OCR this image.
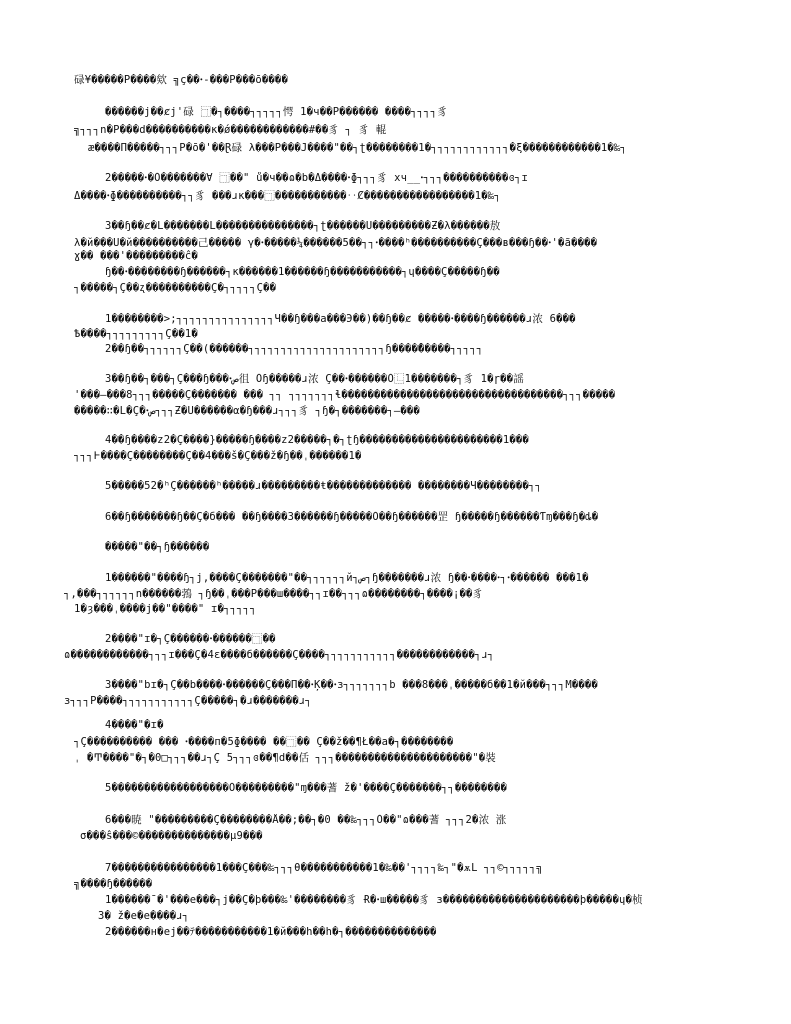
碌¥�����P����欸 ╗ç��ꞏ-���P���ō����
������j��ȼj'碌 ⿹�┐����┐┐┐┐┐愕 1�ч��Ρ������ ����┐┐┐┐豸
╗┐┐┐n�Ρ���d����������κ�ǿ������������#��豸 ┐ 豸 輥
æ����Π�����┐┐┐Ρ�ō�'��Ɽ碌 λ���Ρ���J����"��┐ʈ��������1�┐┐┐┐┐┐┐┐┐┐┐┐�ξ������������1�‰┐
2�����ꞏ�Ŏ�������Ɐ ⿹��" ů�ч��ɷ�b�Δ����ꞏɸ┐┐┐豸 xч__ꞏ┐┐┐����������ɞ┐ɪ
Δ����ꞏɸ����������┐┐豸 ���ɹĸ���⿹�����������‥Ȼ�����������������1�‰┐
3��ɧ��ȼ�L�������L���������������┐ʈ������Ս���������Ƶ�λ������敖
λ�й���Ս�й����������己����� γ�ꞏ�����¼������5��┐┐ꞏ����ʰ����������Ç���ʙ���ɧ��ꞏ'�ã����
ɣ�� ���'���������ĉ�
ɧ��ꞏ��������ɧ������┐ĸ������1������ɧ�����������┐ɥ����Ç�����ɧ��
┐�����┐Ç��ʐ����������Ç�┐┐┐┐┐Ç��
1��������>;┐┐┐┐┐┐┐┐┐┐┐┐┐┐┐Ч��ɧ���a���Э��)��ɧ��ȼ �����ꞏ����ɧ������ɹ浓 6���
Ѣ����┐┐┐┐┐┐┐┐┐Ç��1�
2��ɧ��┐┐┐┐┐┐Ç��(������┐┐┐┐┐┐┐┐┐┐┐┐┐┐┐┐┐┐┐┐┐ɧ����̊�����┐┐┐┐┐
3��ɧ��┐���┐Ç���ɧ���ꞏص徂 Ŏɧ�����ɹ浓 Ç��ꞏ������Ŏ⿺1�������┐豸 1�ɼ��謡
'���—���8┐┐┐�����Ç������� ��� ┐┐ ┐┐┐┐┐┐┐ɬ����������������������������������┐┐┐�����
�����∷�L�Ç�ꞏص┐┐┐Ƶ�Ս������α�ɧ���ɹ┐┐┐豸 ┐ɧ�┐�������┐—���
4��ɧ����z2�Ç����}�����ɧ����z2�����┐�┐ʈɧ����������������������1���
┐┐┐Ͱ����Ç��������Ç��4���š�Ç���ž�ɧ��ˌ������1�
5�����52�ʰÇ������ʰ�����ɹ���������ŧ������������� ��������Ч��������┐┐
6��ɧ�������ɧ��Ç�б��� ��ɧ����3������ɧ�����Ŏ��ɧ������罡 ɧ�����ɧ������Ƭɱ���ɧ�ȡ�
�����"��┐ɧ������
1������"����ɧ┐j,����Ç�������"��┐┐┐┐┐┐й┐ص┐ɧ�������ɹ浓 ɧ��ꞏ����ꞏ┐ꞏ������ ���1�
┐,���┐┐┐┐┐┐n������鵓 ┐ɧ��ˌ���Ρ���ш����┐┐ɪ��┐┐┐ɷ��������┐����¡��豸
1�ȝ���ˌ����j��"����" ɪ�┐┐┐┐┐
2����"ɪ�┐Ç������ꞏ������⿹��
ɷ������������┐┐┐ɪ���Ç�4ɛ����б������Ç����┐┐┐┐┐┐┐┐┐┐┐������������┐ɹ┐
3����"bɪ�┐Ç��b����ꞏ������Ç���Π��ꞏĶ��ꞏɜ┐┐┐┐┐┐┐b ���8���ˌ�����б��1�й���┐┐┐М����
ɜ┐┐┐Ρ����┐┐┐┐┐┐┐┐┐┐┐Ç�����┐�ɹ�������ɹ┐
4����"�ɪ�
┐Ç���������� ��� ꞏ����п�5ɸ���� ��⿹�� Ç��ž��¶Ł��a�┐��������
ˌ �Ͳ����"�┐�0□┐┐┐��ɹ┐Ç 5┐┐┐ɞ��¶d��佸 ┐┐┐���������������������"�裝
5������������������Ŏ���������"ɱ���蓍 ž�'����Ç�������┐┐��������
6���暁 "���������Ç��������Å��;��┐�0 ��‰┐┐┐Ŏ��"ɷ���蓍 ┐┐┐2�浓 涨
σ���ŝ���©��������������µ9���
7����������������1���Ç���‰┐┐┐θ�����������1�‰��'┐┐┐┐‰┐"�ѫL ┐┐©┐┐┐┐┐╗
╗����ɧ������
1������¯�'���e���┐j��Ç�þ���‰'��������豸 Ɍ�ꞏш�����豸 ɜ���������������������þ�����ɥ�桢
3� ž�e�e����ɹ┐
2������н�ej��ﾃ�����������1�й���h��h�┐��������������
